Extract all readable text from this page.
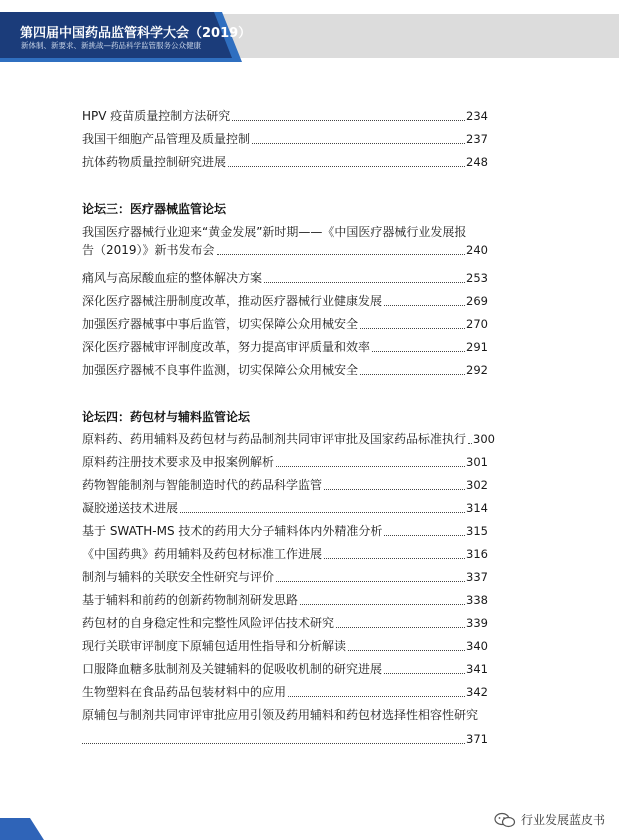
第四届中国药品监管科学大会（2019）
新体制、新要求、新挑战—药品科学监管服务公众健康
HPV 疫苗质量控制方法研究	234
我国干细胞产品管理及质量控制	237
抗体药物质量控制研究进展	248
论坛三：医疗器械监管论坛
我国医疗器械行业迎来“黄金发展”新时期——《中国医疗器械行业发展报
告（2019）》新书发布会	240
痛风与高尿酸血症的整体解决方案	253
深化医疗器械注册制度改革，推动医疗器械行业健康发展	269
加强医疗器械事中事后监管，切实保障公众用械安全	270
深化医疗器械审评制度改革，努力提高审评质量和效率	291
加强医疗器械不良事件监测，切实保障公众用械安全	292
论坛四：药包材与辅料监管论坛
原料药、药用辅料及药包材与药品制剂共同审评审批及国家药品标准执行 300
原料药注册技术要求及申报案例解析	301
药物智能制剂与智能制造时代的药品科学监管	302
凝胶递送技术进展	314
基于 SWATH-MS 技术的药用大分子辅料体内外精准分析	315
《中国药典》药用辅料及药包材标准工作进展	316
制剂与辅料的关联安全性研究与评价	337
基于辅料和前药的创新药物制剂研发思路	338
药包材的自身稳定性和完整性风险评估技术研究	339
现行关联审评制度下原辅包适用性指导和分析解读	340
口服降血糖多肽制剂及关键辅料的促吸收机制的研究进展	341
生物塑料在食品药品包装材料中的应用	342
原辅包与制剂共同审评审批应用引领及药用辅料和药包材选择性相容性研究
371
行业发展蓝皮书
